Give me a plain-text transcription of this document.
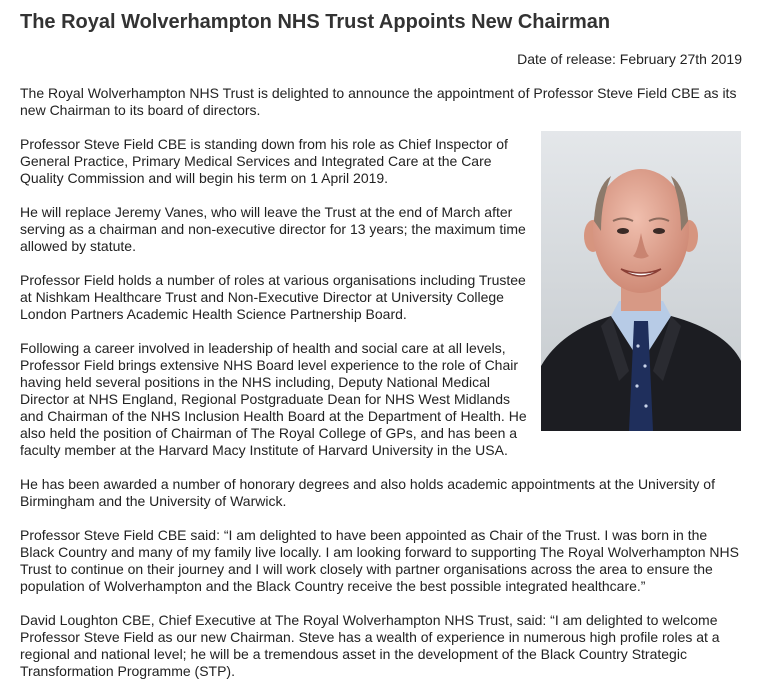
The Royal Wolverhampton NHS Trust Appoints New Chairman
Date of release: February 27th 2019

The Royal Wolverhampton NHS Trust is delighted to announce the appointment of Professor Steve Field CBE as its new Chairman to its board of directors.

Professor Steve Field CBE is standing down from his role as Chief Inspector of General Practice, Primary Medical Services and Integrated Care at the Care Quality Commission and will begin his term on 1 April 2019.

He will replace Jeremy Vanes, who will leave the Trust at the end of March after serving as a chairman and non-executive director for 13 years; the maximum time allowed by statute.

Professor Field holds a number of roles at various organisations including Trustee at Nishkam Healthcare Trust and Non-Executive Director at University College London Partners Academic Health Science Partnership Board.

Following a career involved in leadership of health and social care at all levels, Professor Field brings extensive NHS Board level experience to the role of Chair having held several positions in the NHS including, Deputy National Medical Director at NHS England, Regional Postgraduate Dean for NHS West Midlands and Chairman of the NHS Inclusion Health Board at the Department of Health. He also held the position of Chairman of The Royal College of GPs, and has been a faculty member at the Harvard Macy Institute of Harvard University in the USA.

He has been awarded a number of honorary degrees and also holds academic appointments at the University of Birmingham and the University of Warwick.

Professor Steve Field CBE said: “I am delighted to have been appointed as Chair of the Trust. I was born in the Black Country and many of my family live locally. I am looking forward to supporting The Royal Wolverhampton NHS Trust to continue on their journey and I will work closely with partner organisations across the area to ensure the population of Wolverhampton and the Black Country receive the best possible integrated healthcare.”

David Loughton CBE, Chief Executive at The Royal Wolverhampton NHS Trust, said: “I am delighted to welcome Professor Steve Field as our new Chairman. Steve has a wealth of experience in numerous high profile roles at a regional and national level; he will be a tremendous asset in the development of the Black Country Strategic Transformation Programme (STP).
